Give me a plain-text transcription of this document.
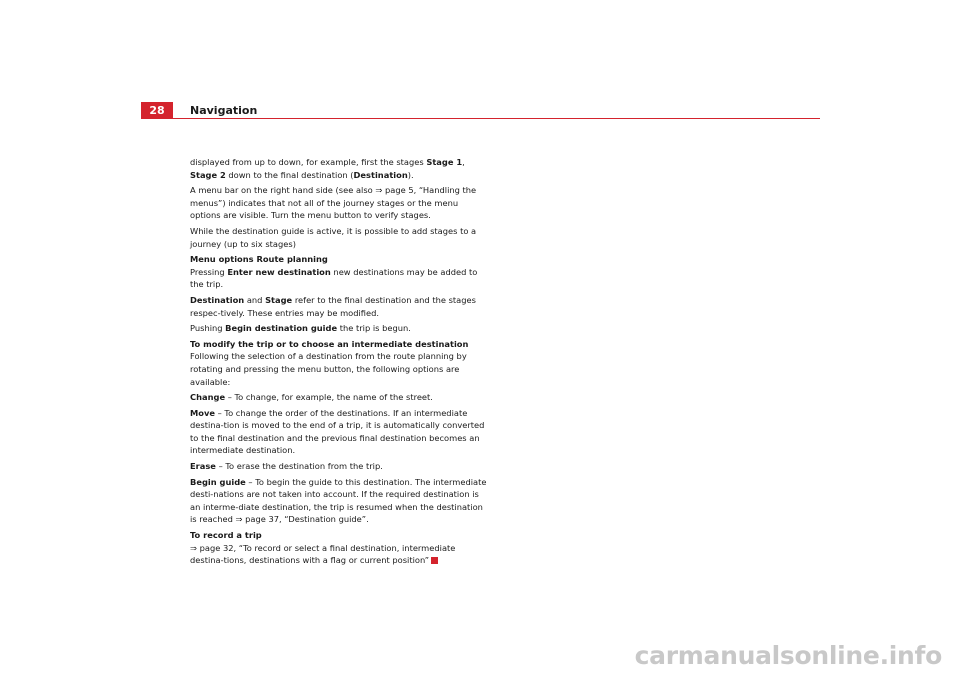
28	Navigation

displayed from up to down, for example, first the stages Stage 1, Stage 2 down to the final destination (Destination).

A menu bar on the right hand side (see also ⇒ page 5, “Handling the menus”) indicates that not all of the journey stages or the menu options are visible. Turn the menu button to verify stages.

While the destination guide is active, it is possible to add stages to a journey (up to six stages)

Menu options Route planning

Pressing Enter new destination new destinations may be added to the trip.

Destination and Stage refer to the final destination and the stages respec-tively. These entries may be modified.

Pushing Begin destination guide the trip is begun.

To modify the trip or to choose an intermediate destination

Following the selection of a destination from the route planning by rotating and pressing the menu button, the following options are available:

Change – To change, for example, the name of the street.

Move – To change the order of the destinations. If an intermediate destina-tion is moved to the end of a trip, it is automatically converted to the final destination and the previous final destination becomes an intermediate destination.

Erase – To erase the destination from the trip.

Begin guide – To begin the guide to this destination. The intermediate desti-nations are not taken into account. If the required destination is an interme-diate destination, the trip is resumed when the destination is reached ⇒ page 37, “Destination guide”.

To record a trip

⇒ page 32, “To record or select a final destination, intermediate destina-tions, destinations with a flag or current position”

carmanualsonline.info
